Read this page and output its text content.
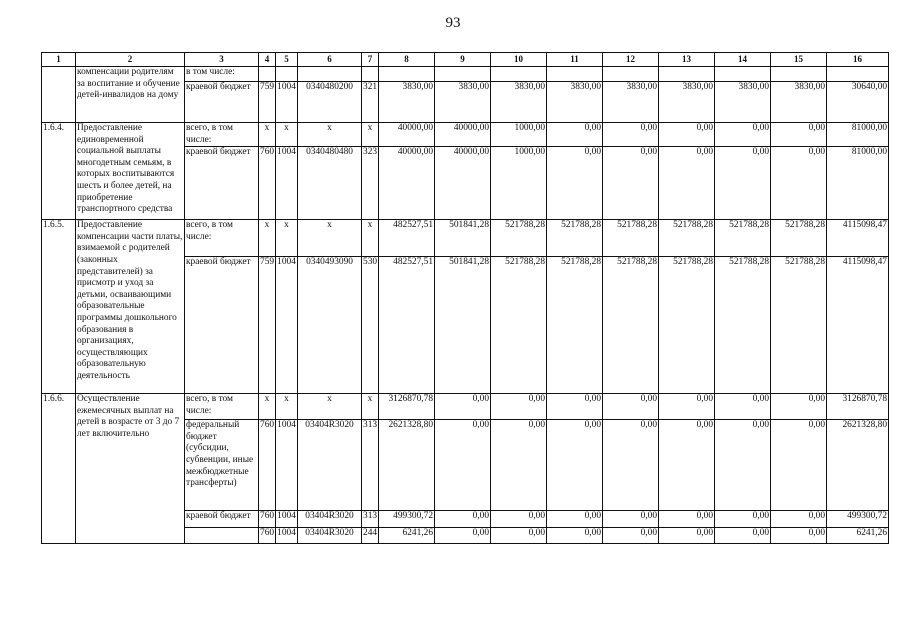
93
1	2	3	4	5	6	7	8	9	10	11	12	13	14	15	16
	компенсации родителям за воспитание и обучение детей-инвалидов на дому	в том числе:													
		краевой бюджет	759	1004	0340480200	321	3830,00	3830,00	3830,00	3830,00	3830,00	3830,00	3830,00	3830,00	30640,00
1.6.4.	Предоставление единовременной социальной выплаты многодетным семьям, в которых воспитываются шесть и более детей, на приобретение транспортного средства	всего, в том числе:	x	x	x	x	40000,00	40000,00	1000,00	0,00	0,00	0,00	0,00	0,00	81000,00
		краевой бюджет	760	1004	0340480480	323	40000,00	40000,00	1000,00	0,00	0,00	0,00	0,00	0,00	81000,00
1.6.5.	Предоставление компенсации части платы, взимаемой с родителей (законных представителей) за присмотр и уход за детьми, осваивающими образовательные программы дошкольного образования в организациях, осуществляющих образовательную деятельность	всего, в том числе:	x	x	x	x	482527,51	501841,28	521788,28	521788,28	521788,28	521788,28	521788,28	521788,28	4115098,47
		краевой бюджет	759	1004	0340493090	530	482527,51	501841,28	521788,28	521788,28	521788,28	521788,28	521788,28	521788,28	4115098,47
1.6.6.	Осуществление ежемесячных выплат на детей в возрасте от 3 до 7 лет включительно	всего, в том числе:	x	x	x	x	3126870,78	0,00	0,00	0,00	0,00	0,00	0,00	0,00	3126870,78
		федеральный бюджет (субсидии, субвенции, иные межбюджетные трансферты)	760	1004	03404R3020	313	2621328,80	0,00	0,00	0,00	0,00	0,00	0,00	0,00	2621328,80
		краевой бюджет	760	1004	03404R3020	313	499300,72	0,00	0,00	0,00	0,00	0,00	0,00	0,00	499300,72
			760	1004	03404R3020	244	6241,26	0,00	0,00	0,00	0,00	0,00	0,00	0,00	6241,26
